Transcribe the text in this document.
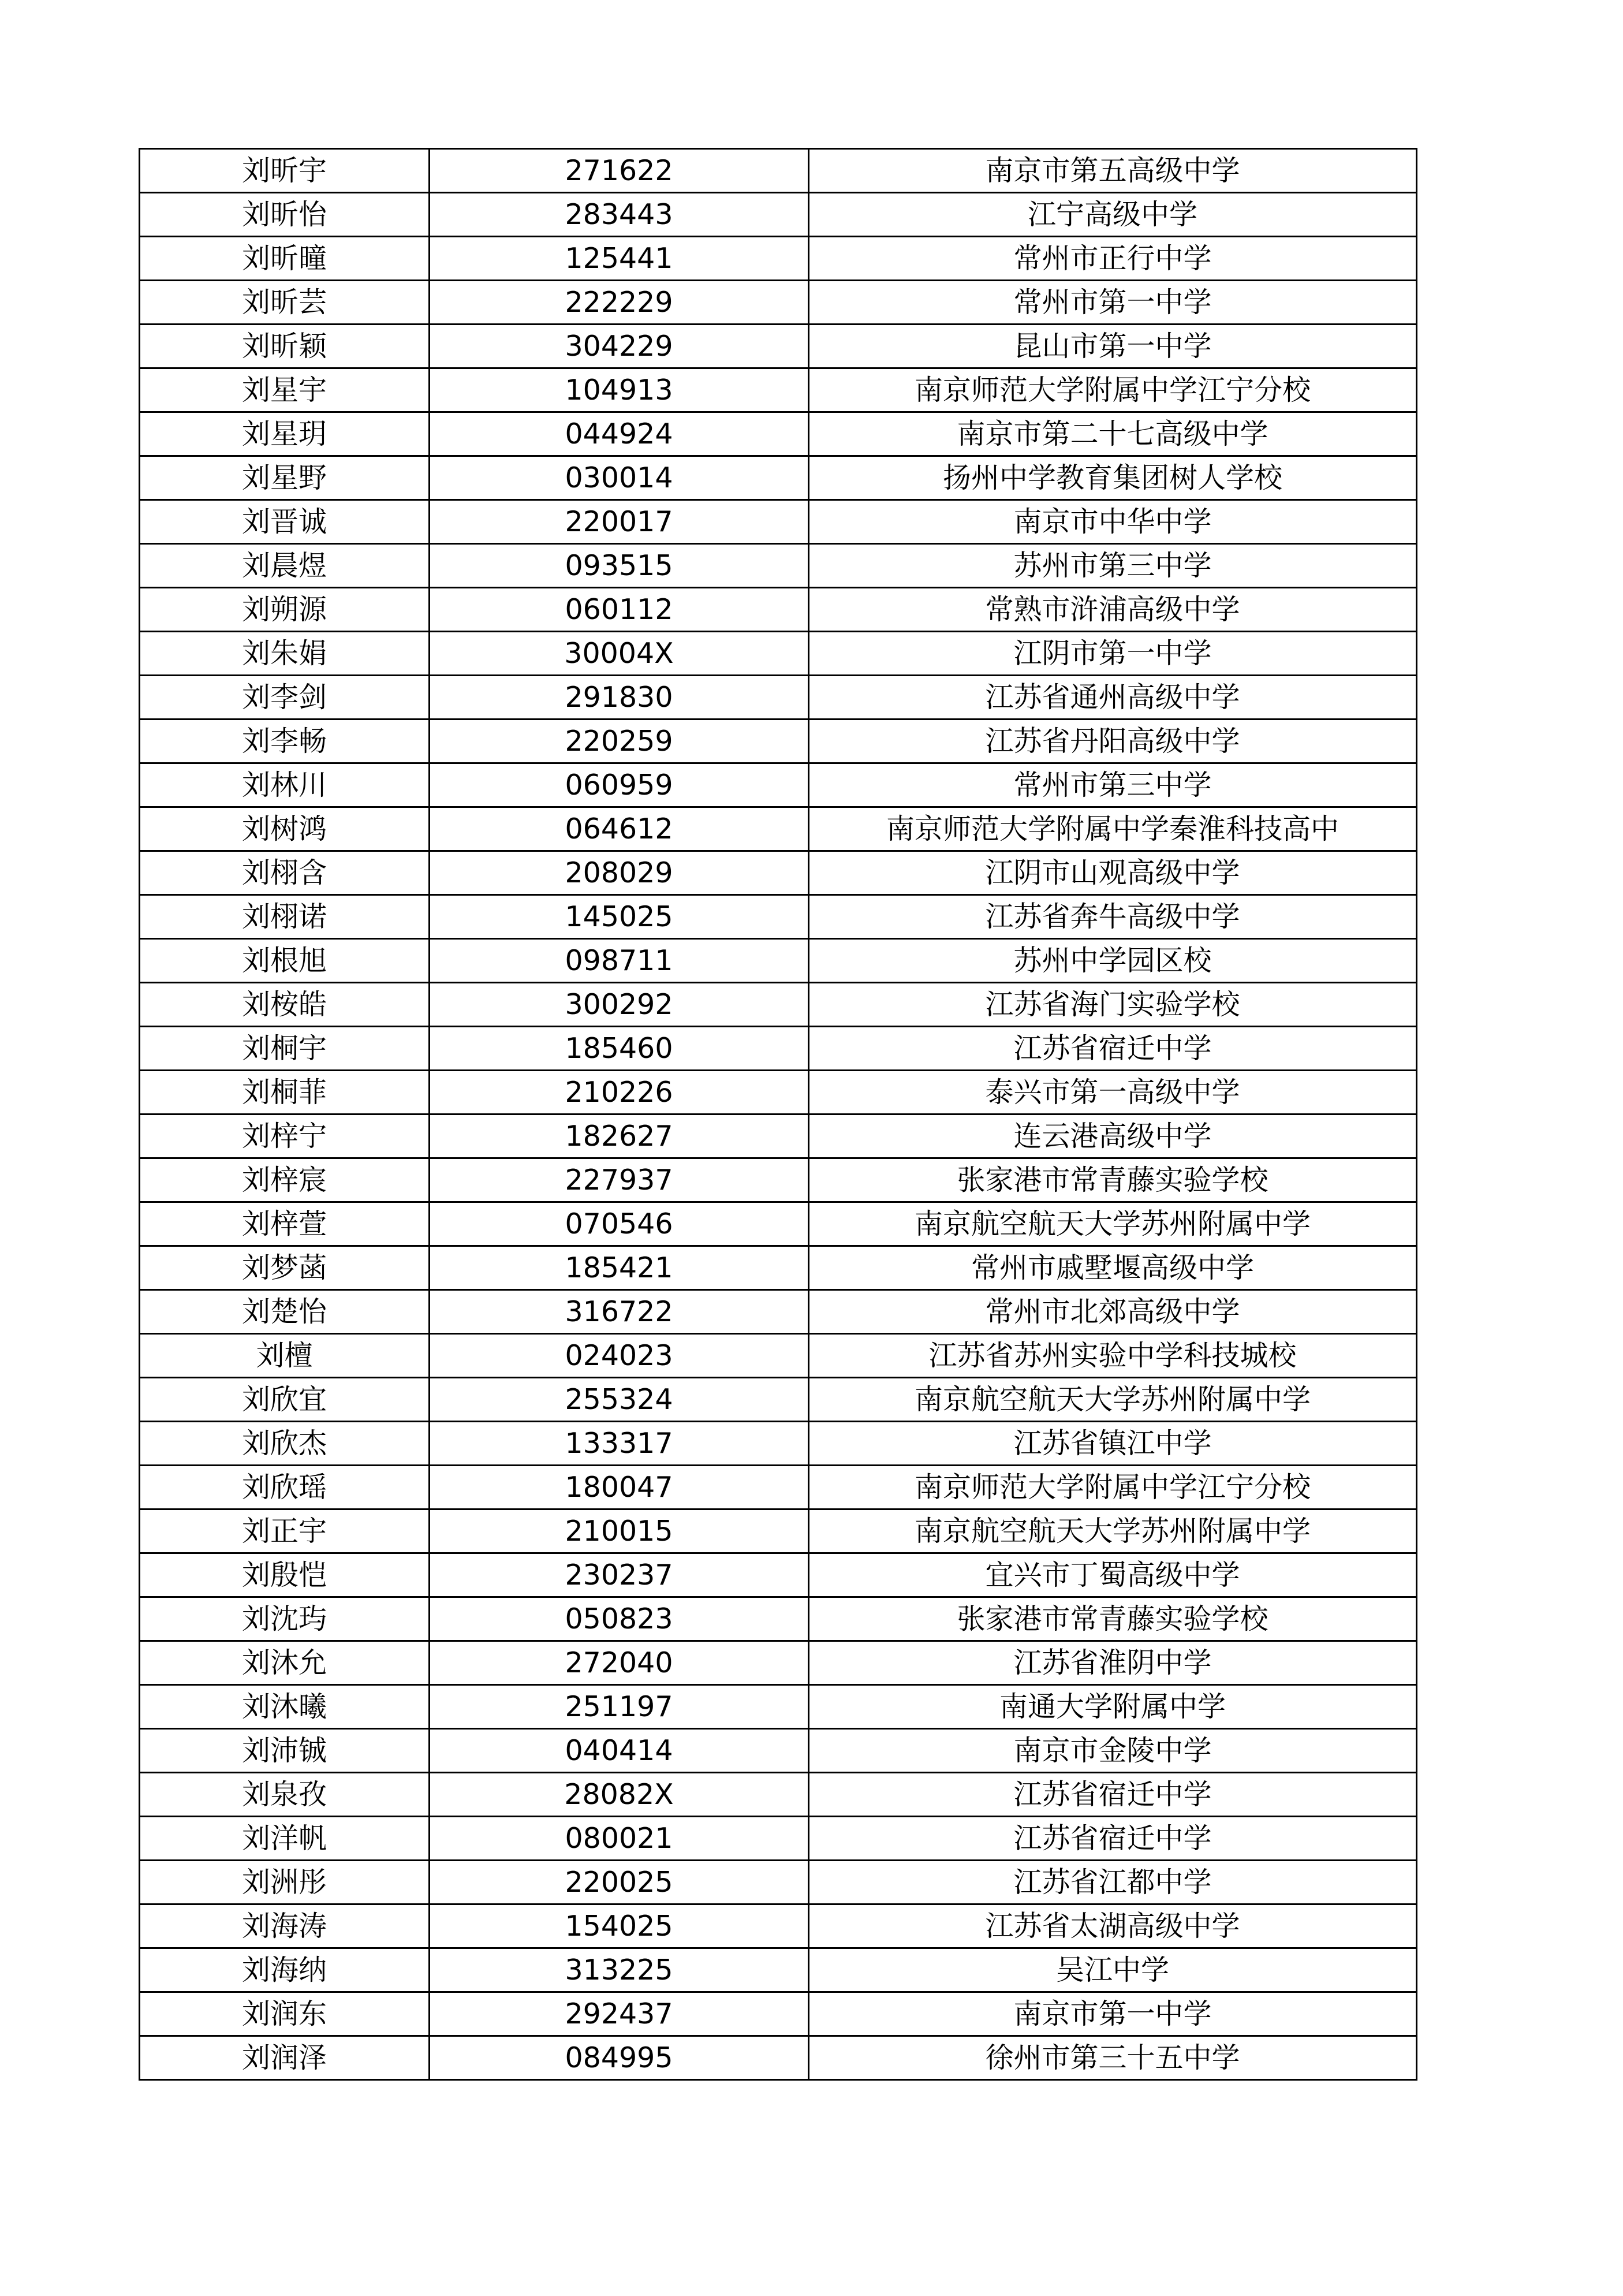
刘昕宇	271622	南京市第五高级中学
刘昕怡	283443	江宁高级中学
刘昕曈	125441	常州市正行中学
刘昕芸	222229	常州市第一中学
刘昕颖	304229	昆山市第一中学
刘星宇	104913	南京师范大学附属中学江宁分校
刘星玥	044924	南京市第二十七高级中学
刘星野	030014	扬州中学教育集团树人学校
刘晋诚	220017	南京市中华中学
刘晨煜	093515	苏州市第三中学
刘朔源	060112	常熟市浒浦高级中学
刘朱娟	30004X	江阴市第一中学
刘李剑	291830	江苏省通州高级中学
刘李畅	220259	江苏省丹阳高级中学
刘林川	060959	常州市第三中学
刘树鸿	064612	南京师范大学附属中学秦淮科技高中
刘栩含	208029	江阴市山观高级中学
刘栩诺	145025	江苏省奔牛高级中学
刘根旭	098711	苏州中学园区校
刘桉皓	300292	江苏省海门实验学校
刘桐宇	185460	江苏省宿迁中学
刘桐菲	210226	泰兴市第一高级中学
刘梓宁	182627	连云港高级中学
刘梓宸	227937	张家港市常青藤实验学校
刘梓萱	070546	南京航空航天大学苏州附属中学
刘梦菡	185421	常州市戚墅堰高级中学
刘楚怡	316722	常州市北郊高级中学
刘檀	024023	江苏省苏州实验中学科技城校
刘欣宜	255324	南京航空航天大学苏州附属中学
刘欣杰	133317	江苏省镇江中学
刘欣瑶	180047	南京师范大学附属中学江宁分校
刘正宇	210015	南京航空航天大学苏州附属中学
刘殷恺	230237	宜兴市丁蜀高级中学
刘沈玙	050823	张家港市常青藤实验学校
刘沐允	272040	江苏省淮阴中学
刘沐曦	251197	南通大学附属中学
刘沛铖	040414	南京市金陵中学
刘泉孜	28082X	江苏省宿迁中学
刘洋帆	080021	江苏省宿迁中学
刘洲彤	220025	江苏省江都中学
刘海涛	154025	江苏省太湖高级中学
刘海纳	313225	吴江中学
刘润东	292437	南京市第一中学
刘润泽	084995	徐州市第三十五中学
